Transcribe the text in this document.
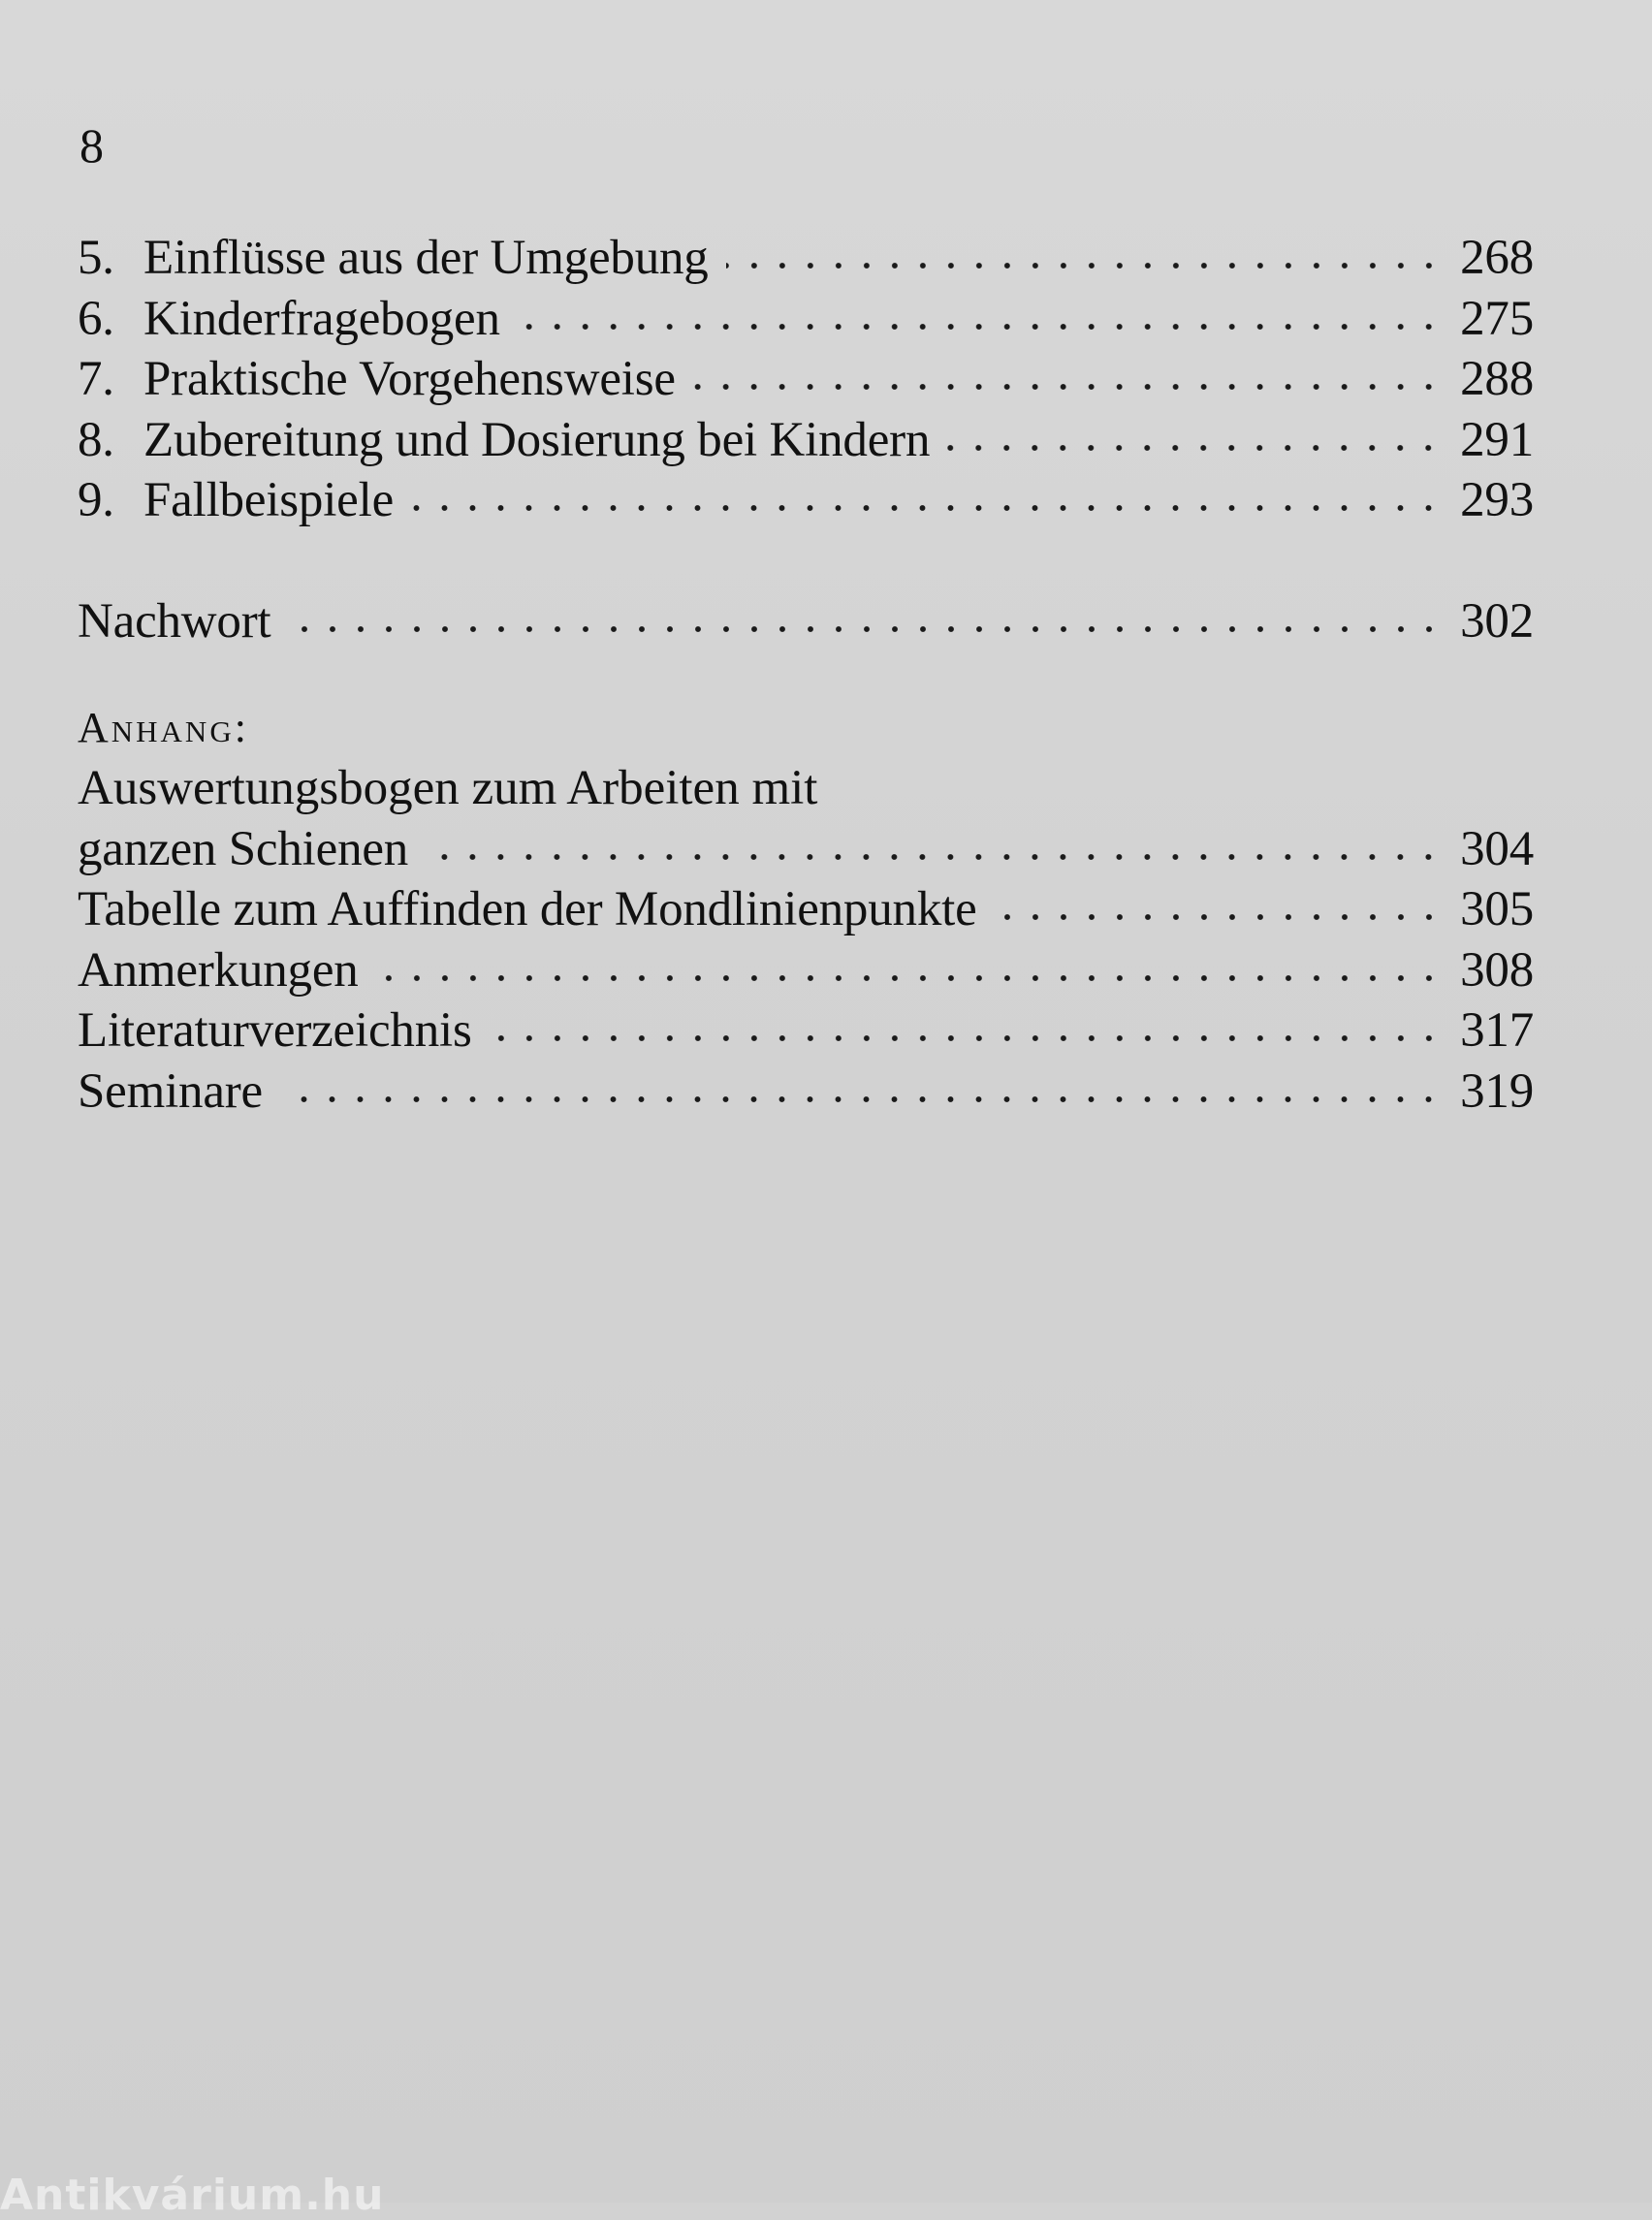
8
5. Einflüsse aus der Umgebung	268
6. Kinderfragebogen	275
7. Praktische Vorgehensweise	288
8. Zubereitung und Dosierung bei Kindern	291
9. Fallbeispiele	293
Nachwort	302
Anhang:
Auswertungsbogen zum Arbeiten mit
ganzen Schienen	304
Tabelle zum Auffinden der Mondlinienpunkte	305
Anmerkungen	308
Literaturverzeichnis	317
Seminare	319
Antikvárium.hu
